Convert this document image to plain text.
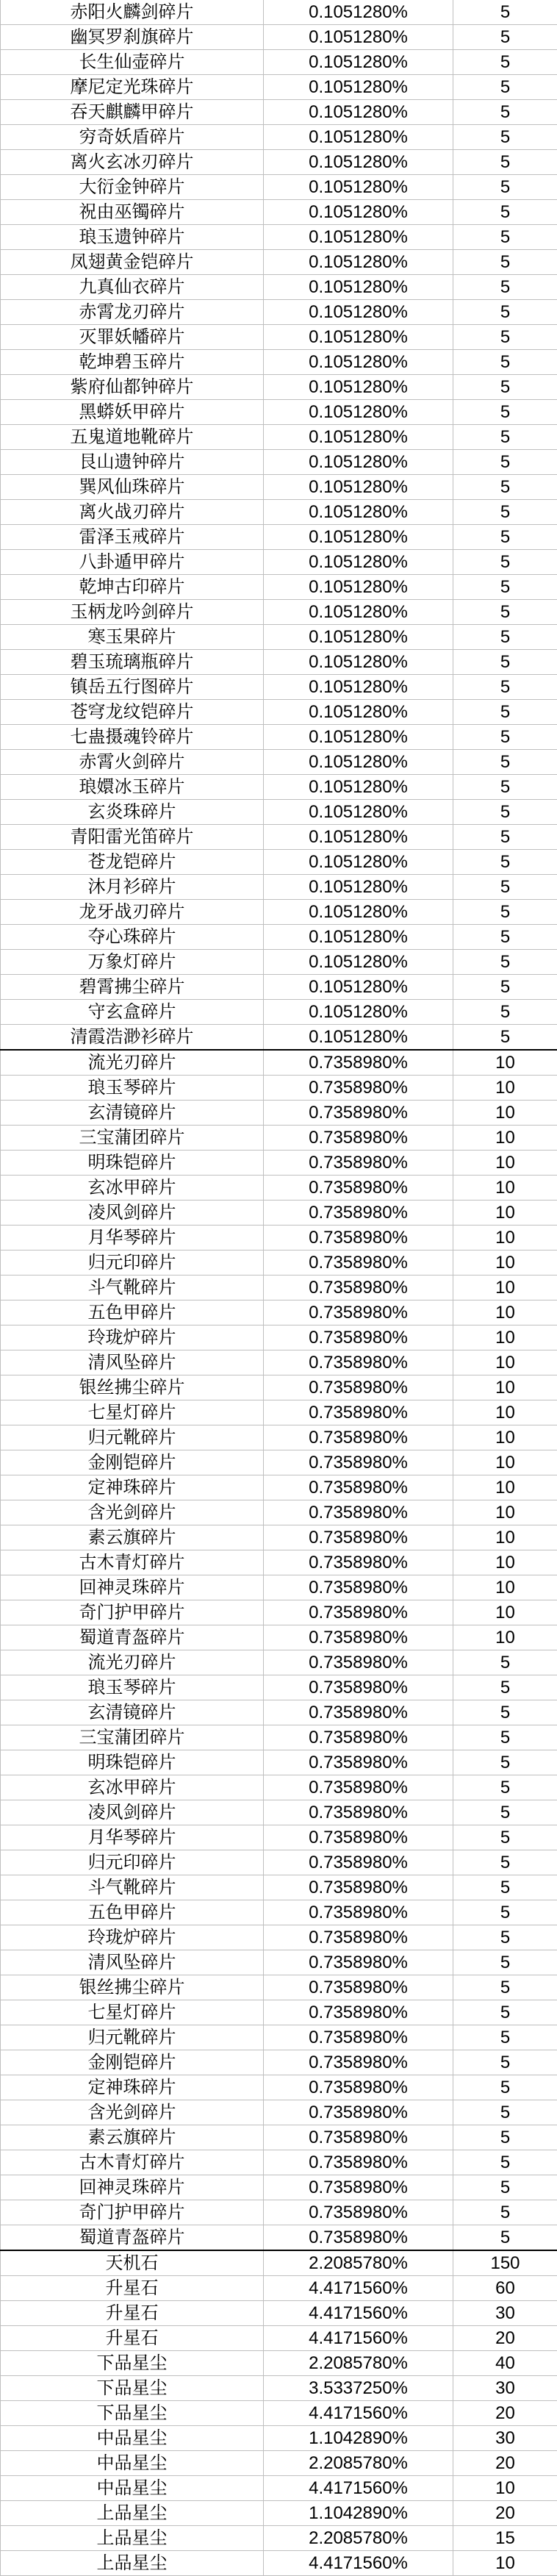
赤阳火麟剑碎片	0.1051280%	5
幽冥罗刹旗碎片	0.1051280%	5
长生仙壶碎片	0.1051280%	5
摩尼定光珠碎片	0.1051280%	5
吞天麒麟甲碎片	0.1051280%	5
穷奇妖盾碎片	0.1051280%	5
离火玄冰刃碎片	0.1051280%	5
大衍金钟碎片	0.1051280%	5
祝由巫镯碎片	0.1051280%	5
琅玉遗钟碎片	0.1051280%	5
凤翅黄金铠碎片	0.1051280%	5
九真仙衣碎片	0.1051280%	5
赤霄龙刃碎片	0.1051280%	5
灭罪妖幡碎片	0.1051280%	5
乾坤碧玉碎片	0.1051280%	5
紫府仙都钟碎片	0.1051280%	5
黑蟒妖甲碎片	0.1051280%	5
五鬼道地靴碎片	0.1051280%	5
艮山遗钟碎片	0.1051280%	5
巽风仙珠碎片	0.1051280%	5
离火战刃碎片	0.1051280%	5
雷泽玉戒碎片	0.1051280%	5
八卦遁甲碎片	0.1051280%	5
乾坤古印碎片	0.1051280%	5
玉柄龙吟剑碎片	0.1051280%	5
寒玉果碎片	0.1051280%	5
碧玉琉璃瓶碎片	0.1051280%	5
镇岳五行图碎片	0.1051280%	5
苍穹龙纹铠碎片	0.1051280%	5
七蛊摄魂铃碎片	0.1051280%	5
赤霄火剑碎片	0.1051280%	5
琅嬛冰玉碎片	0.1051280%	5
玄炎珠碎片	0.1051280%	5
青阳雷光笛碎片	0.1051280%	5
苍龙铠碎片	0.1051280%	5
沐月衫碎片	0.1051280%	5
龙牙战刃碎片	0.1051280%	5
夺心珠碎片	0.1051280%	5
万象灯碎片	0.1051280%	5
碧霄拂尘碎片	0.1051280%	5
守玄盒碎片	0.1051280%	5
清霞浩渺衫碎片	0.1051280%	5
流光刃碎片	0.7358980%	10
琅玉琴碎片	0.7358980%	10
玄清镜碎片	0.7358980%	10
三宝蒲团碎片	0.7358980%	10
明珠铠碎片	0.7358980%	10
玄冰甲碎片	0.7358980%	10
凌风剑碎片	0.7358980%	10
月华琴碎片	0.7358980%	10
归元印碎片	0.7358980%	10
斗气靴碎片	0.7358980%	10
五色甲碎片	0.7358980%	10
玲珑炉碎片	0.7358980%	10
清风坠碎片	0.7358980%	10
银丝拂尘碎片	0.7358980%	10
七星灯碎片	0.7358980%	10
归元靴碎片	0.7358980%	10
金刚铠碎片	0.7358980%	10
定神珠碎片	0.7358980%	10
含光剑碎片	0.7358980%	10
素云旗碎片	0.7358980%	10
古木青灯碎片	0.7358980%	10
回神灵珠碎片	0.7358980%	10
奇门护甲碎片	0.7358980%	10
蜀道青盔碎片	0.7358980%	10
流光刃碎片	0.7358980%	5
琅玉琴碎片	0.7358980%	5
玄清镜碎片	0.7358980%	5
三宝蒲团碎片	0.7358980%	5
明珠铠碎片	0.7358980%	5
玄冰甲碎片	0.7358980%	5
凌风剑碎片	0.7358980%	5
月华琴碎片	0.7358980%	5
归元印碎片	0.7358980%	5
斗气靴碎片	0.7358980%	5
五色甲碎片	0.7358980%	5
玲珑炉碎片	0.7358980%	5
清风坠碎片	0.7358980%	5
银丝拂尘碎片	0.7358980%	5
七星灯碎片	0.7358980%	5
归元靴碎片	0.7358980%	5
金刚铠碎片	0.7358980%	5
定神珠碎片	0.7358980%	5
含光剑碎片	0.7358980%	5
素云旗碎片	0.7358980%	5
古木青灯碎片	0.7358980%	5
回神灵珠碎片	0.7358980%	5
奇门护甲碎片	0.7358980%	5
蜀道青盔碎片	0.7358980%	5
天机石	2.2085780%	150
升星石	4.4171560%	60
升星石	4.4171560%	30
升星石	4.4171560%	20
下品星尘	2.2085780%	40
下品星尘	3.5337250%	30
下品星尘	4.4171560%	20
中品星尘	1.1042890%	30
中品星尘	2.2085780%	20
中品星尘	4.4171560%	10
上品星尘	1.1042890%	20
上品星尘	2.2085780%	15
上品星尘	4.4171560%	10
